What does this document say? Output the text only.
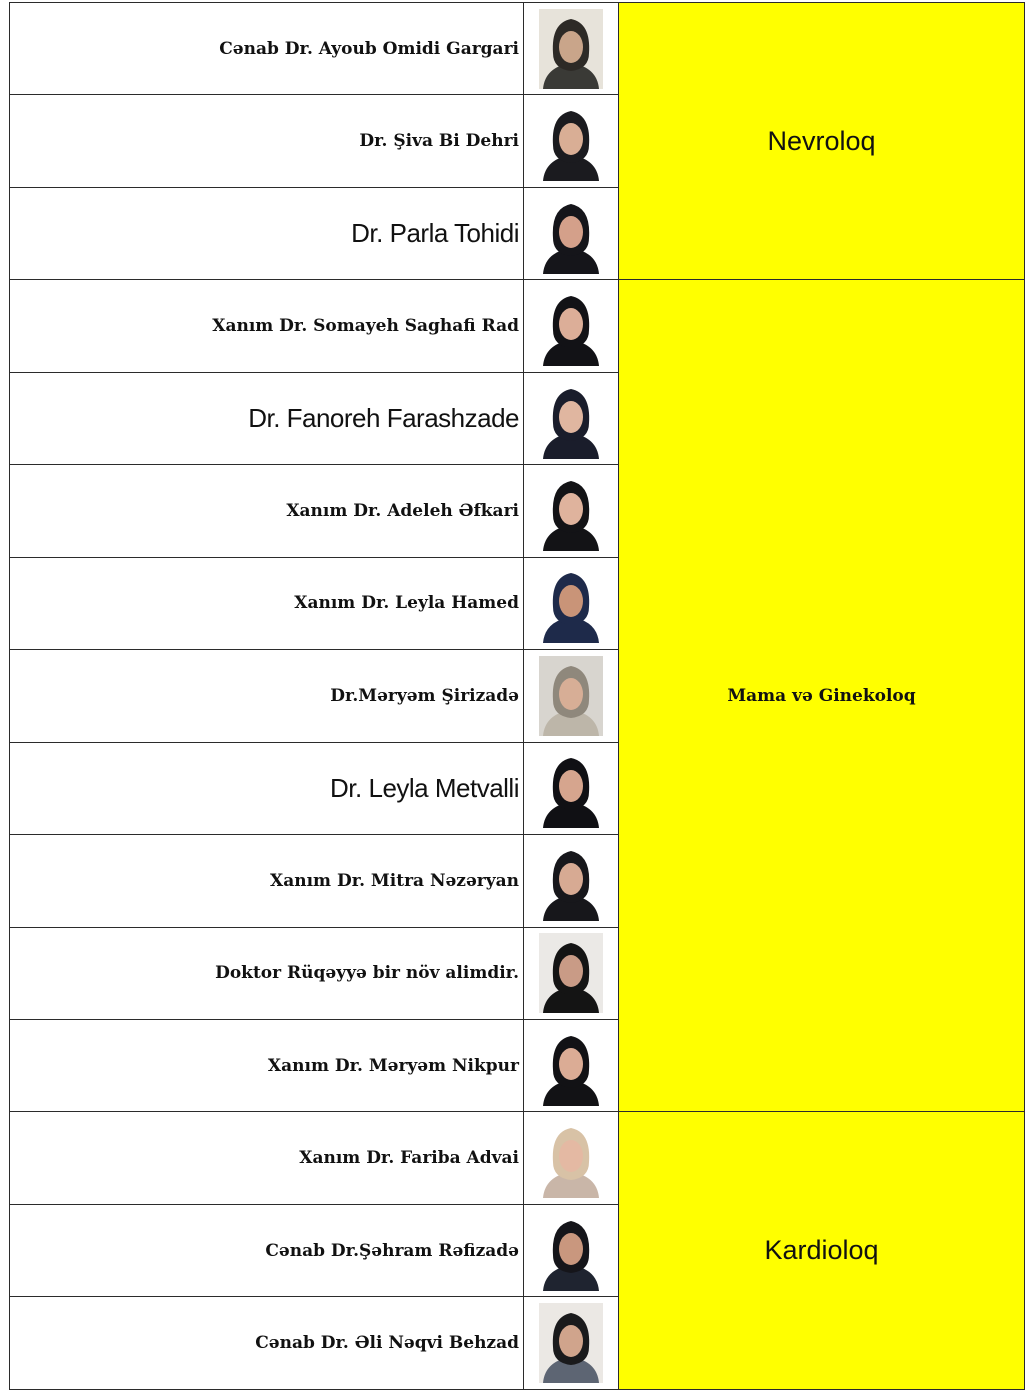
Cənab Dr. Ayoub Omidi Gargari		Nevroloq
Dr. Şiva Bi Dehri	
Dr. Parla Tohidi	
Xanım Dr. Somayeh Saghafi Rad		Mama və Ginekoloq
Dr. Fanoreh Farashzade	
Xanım Dr. Adeleh Əfkari	
Xanım Dr. Leyla Hamed	
Dr.Məryəm Şirizadə	
Dr. Leyla Metvalli	
Xanım Dr. Mitra Nəzəryan	
Doktor Rüqəyyə bir növ alimdir.	
Xanım Dr. Məryəm Nikpur	
Xanım Dr. Fariba Advai		Kardioloq
Cənab Dr.Şəhram Rəfizadə	
Cənab Dr. Əli Nəqvi Behzad	
